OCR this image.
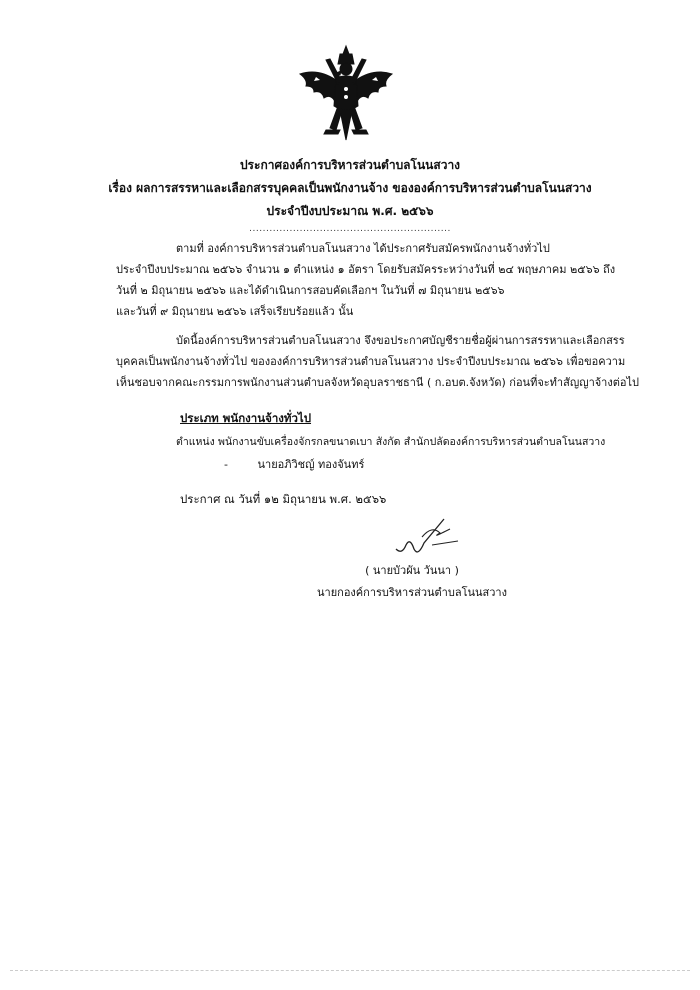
ประกาศองค์การบริหารส่วนตำบลโนนสวาง
เรื่อง ผลการสรรหาและเลือกสรรบุคคลเป็นพนักงานจ้าง ขององค์การบริหารส่วนตำบลโนนสวาง
ประจำปีงบประมาณ พ.ศ. ๒๕๖๖
............................................................
ตามที่ องค์การบริหารส่วนตำบลโนนสวาง ได้ประกาศรับสมัครพนักงานจ้างทั่วไป
ประจำปีงบประมาณ ๒๕๖๖ จำนวน ๑ ตำแหน่ง ๑ อัตรา โดยรับสมัครระหว่างวันที่ ๒๔ พฤษภาคม ๒๕๖๖ ถึง
วันที่ ๒ มิถุนายน ๒๕๖๖ และได้ดำเนินการสอบคัดเลือกฯ ในวันที่ ๗ มิถุนายน ๒๕๖๖
และวันที่ ๙ มิถุนายน ๒๕๖๖ เสร็จเรียบร้อยแล้ว นั้น
บัดนี้องค์การบริหารส่วนตำบลโนนสวาง จึงขอประกาศบัญชีรายชื่อผู้ผ่านการสรรหาและเลือกสรร
บุคคลเป็นพนักงานจ้างทั่วไป ขององค์การบริหารส่วนตำบลโนนสวาง ประจำปีงบประมาณ ๒๕๖๖ เพื่อขอความ
เห็นชอบจากคณะกรรมการพนักงานส่วนตำบลจังหวัดอุบลราชธานี ( ก.อบต.จังหวัด) ก่อนที่จะทำสัญญาจ้างต่อไป
ประเภท พนักงานจ้างทั่วไป
ตำแหน่ง พนักงานขับเครื่องจักรกลขนาดเบา สังกัด สำนักปลัดองค์การบริหารส่วนตำบลโนนสวาง
-	นายอภิวิชญ์ ทองจันทร์
ประกาศ ณ วันที่ ๑๒ มิถุนายน พ.ศ. ๒๕๖๖
( นายบัวผัน วันนา )
นายกองค์การบริหารส่วนตำบลโนนสวาง
